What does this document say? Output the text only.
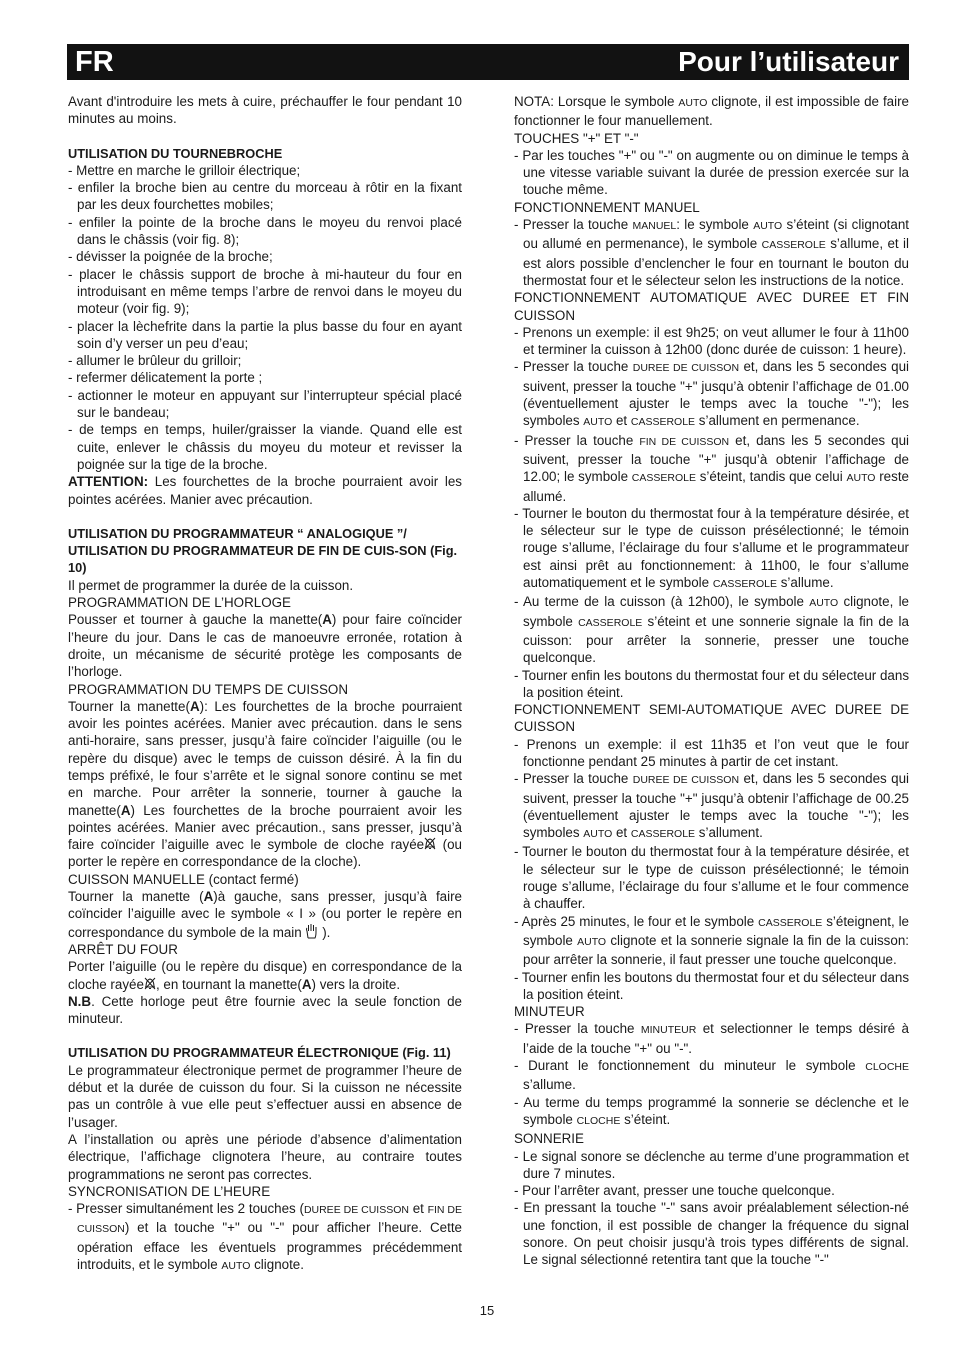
FR	Pour l’utilisateur

Avant d'introduire les mets à cuire, préchauffer le four pendant 10 minutes au moins.

UTILISATION DU TOURNEBROCHE

- Mettre en marche le grilloir électrique;

- enfiler la broche bien au centre du morceau à rôtir en la fixant par les deux fourchettes mobiles;

- enfiler la pointe de la broche dans le moyeu du renvoi placé dans le châssis (voir fig. 8);

- dévisser la poignée de la broche;

- placer le châssis support de broche à mi-hauteur du four en introduisant en même temps l’arbre de renvoi dans le moyeu du moteur (voir fig. 9);

- placer la lèchefrite dans la partie la plus basse du four en ayant soin d’y verser un peu d’eau;

- allumer le brûleur du grilloir;

- refermer délicatement la porte ;

- actionner le moteur en appuyant sur l’interrupteur spécial placé sur le bandeau;

- de temps en temps, huiler/graisser la viande. Quand elle est cuite, enlever le châssis du moyeu du moteur et revisser la poignée sur la tige de la broche.

ATTENTION: Les fourchettes de la broche pourraient avoir les pointes acérées. Manier avec précaution.

UTILISATION DU PROGRAMMATEUR “ ANALOGIQUE ”/ UTILISATION DU PROGRAMMATEUR DE FIN DE CUIS-SON (Fig. 10)

Il permet de programmer la durée de la cuisson.

PROGRAMMATION DE L’HORLOGE

Pousser et tourner à gauche la manette(A) pour faire coïncider l’heure du jour. Dans le cas de manoeuvre erronée, rotation à droite, un mécanisme de sécurité protège les composants de l’horloge.

PROGRAMMATION DU TEMPS DE CUISSON

Tourner la manette(A): Les fourchettes de la broche pourraient avoir les pointes acérées. Manier avec précaution. dans le sens anti-horaire, sans presser, jusqu’à faire coïncider l’aiguille (ou le repère du disque) avec le temps de cuisson désiré. À la fin du temps préfixé, le four s’arrête et le signal sonore continu se met en marche. Pour arrêter la sonnerie, tourner à gauche la manette(A) Les fourchettes de la broche pourraient avoir les pointes acérées. Manier avec précaution., sans presser, jusqu’à faire coïncider l’aiguille avec le symbole de cloche rayée (ou porter le repère en correspondance de la cloche).

CUISSON MANUELLE (contact fermé)

Tourner la manette (A)à gauche, sans presser, jusqu’à faire coïncider l’aiguille avec le symbole « I » (ou porter le repère en correspondance du symbole de la main  ).

ARRÊT DU FOUR

Porter l’aiguille (ou le repère du disque) en correspondance de la cloche rayée , en tournant la manette(A) vers la droite.

N.B. Cette horloge peut être fournie avec la seule fonction de minuteur.

UTILISATION DU PROGRAMMATEUR ÉLECTRONIQUE (Fig. 11)

Le programmateur électronique permet de programmer l’heure de début et la durée de cuisson du four. Si la cuisson ne nécessite pas un contrôle à vue elle peut s’effectuer aussi en absence de l’usager.

A l’installation ou après une période d’absence d’alimentation électrique, l’affichage clignotera l’heure, au contraire toutes programmations ne seront pas correctes.

SYNCRONISATION DE L’HEURE

- Presser simultanément les 2 touches (DUREE DE CUISSON et FIN DE CUISSON) et la touche "+" ou "-" pour afficher l’heure. Cette opération efface les éventuels programmes précédemment introduits, et le symbole AUTO clignote.

NOTA: Lorsque le symbole AUTO clignote, il est impossible de faire fonctionner le four manuellement.

TOUCHES "+" ET "-"

- Par les touches "+" ou "-" on augmente ou on diminue le temps à une vitesse variable suivant la durée de pression exercée sur la touche même.

FONCTIONNEMENT MANUEL

- Presser la touche MANUEL: le symbole AUTO s’éteint (si clignotant ou allumé en permenance), le symbole CASSEROLE s’allume, et il est alors possible d’enclencher le four en tournant le bouton du thermostat four et le sélecteur selon les instructions de la notice.

FONCTIONNEMENT AUTOMATIQUE AVEC DUREE ET FIN CUISSON

- Prenons un exemple: il est 9h25; on veut allumer le four à 11h00 et terminer la cuisson à 12h00 (donc durée de cuisson: 1 heure).

- Presser la touche DUREE DE CUISSON et, dans les 5 secondes qui suivent, presser la touche "+" jusqu’à obtenir l’affichage de 01.00 (éventuellement ajuster le temps avec la touche "-"); les symboles AUTO et CASSEROLE s’allument en permenance.

- Presser la touche FIN DE CUISSON et, dans les 5 secondes qui suivent, presser la touche "+" jusqu’à obtenir l’affichage de 12.00; le symbole CASSEROLE s’éteint, tandis que celui AUTO reste allumé.

- Tourner le bouton du thermostat four à la température désirée, et le sélecteur sur le type de cuisson présélectionné; le témoin rouge s’allume, l’éclairage du four s’allume et le programmateur est ainsi prêt au fonctionnement: à 11h00, le four s’allume automatiquement et le symbole CASSEROLE s’allume.

- Au terme de la cuisson (à 12h00), le symbole AUTO clignote, le symbole CASSEROLE s’éteint et une sonnerie signale la fin de la cuisson: pour arrêter la sonnerie, presser une touche quelconque.

- Tourner enfin les boutons du thermostat four et du sélecteur dans la position éteint.

FONCTIONNEMENT SEMI-AUTOMATIQUE AVEC DUREE DE CUISSON

- Prenons un exemple: il est 11h35 et l’on veut que le four fonctionne pendant 25 minutes à partir de cet instant.

- Presser la touche DUREE DE CUISSON et, dans les 5 secondes qui suivent, presser la touche "+" jusqu’à obtenir l’affichage de 00.25 (éventuellement ajuster le temps avec la touche "-"); les symboles AUTO et CASSEROLE s’allument.

- Tourner le bouton du thermostat four à la température désirée, et le sélecteur sur le type de cuisson présélectionné; le témoin rouge s’allume, l’éclairage du four s’allume et le four commence à chauffer.

- Après 25 minutes, le four et le symbole CASSEROLE s’éteignent, le symbole AUTO clignote et la sonnerie signale la fin de la cuisson: pour arrêter la sonnerie, il faut presser une touche quelconque.

- Tourner enfin les boutons du thermostat four et du sélecteur dans la position éteint.

MINUTEUR

- Presser la touche MINUTEUR et selectionner le temps désiré à l’aide de la touche "+" ou "-".

- Durant le fonctionnement du minuteur le symbole CLOCHE s’allume.

- Au terme du temps programmé la sonnerie se déclenche et le symbole CLOCHE s’éteint.

SONNERIE

- Le signal sonore se déclenche au terme d’une programmation et dure 7 minutes.

- Pour l’arrêter avant, presser une touche quelconque.

- En pressant la touche "-" sans avoir préalablement sélection-né une fonction, il est possible de changer la fréquence du signal sonore. On peut choisir jusqu'à trois types différents de signal. Le signal sélectionné retentira tant que la touche "-"

15
